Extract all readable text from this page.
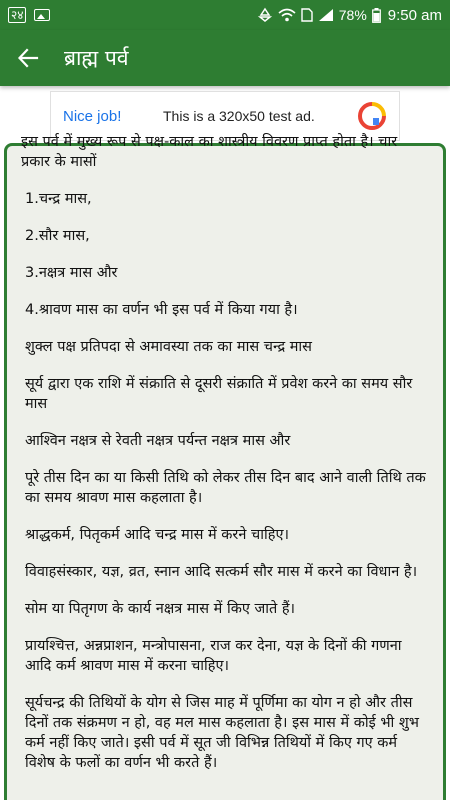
२४	78% 9:50 am
ब्राह्म पर्व
Nice job!	This is a 320x50 test ad.

इस पर्व में मुख्य रूप से पक्ष-काल का शास्त्रीय विवरण प्राप्त होता है। चार प्रकार के मासों

1.चन्द्र मास,

2.सौर मास,

3.नक्षत्र मास और

4.श्रावण मास का वर्णन भी इस पर्व में किया गया है।

शुक्ल पक्ष प्रतिपदा से अमावस्या तक का मास चन्द्र मास

सूर्य द्वारा एक राशि में संक्राति से दूसरी संक्राति में प्रवेश करने का समय सौर मास

आश्विन नक्षत्र से रेवती नक्षत्र पर्यन्त नक्षत्र मास और

पूरे तीस दिन का या किसी तिथि को लेकर तीस दिन बाद आने वाली तिथि तक का समय श्रावण मास कहलाता है।

श्राद्धकर्म, पितृकर्म आदि चन्द्र मास में करने चाहिए।

विवाहसंस्कार, यज्ञ, व्रत, स्नान आदि सत्कर्म सौर मास में करने का विधान है।

सोम या पितृगण के कार्य नक्षत्र मास में किए जाते हैं।

प्रायश्चित्त, अन्नप्राशन, मन्त्रोपासना, राज कर देना, यज्ञ के दिनों की गणना आदि कर्म श्रावण मास में करना चाहिए।

सूर्यचन्द्र की तिथियों के योग से जिस माह में पूर्णिमा का योग न हो और तीस दिनों तक संक्रमण न हो, वह मल मास कहलाता है। इस मास में कोई भी शुभ कर्म नहीं किए जाते। इसी पर्व में सूत जी विभिन्न तिथियों में किए गए कर्म विशेष के फलों का वर्णन भी करते हैं।
